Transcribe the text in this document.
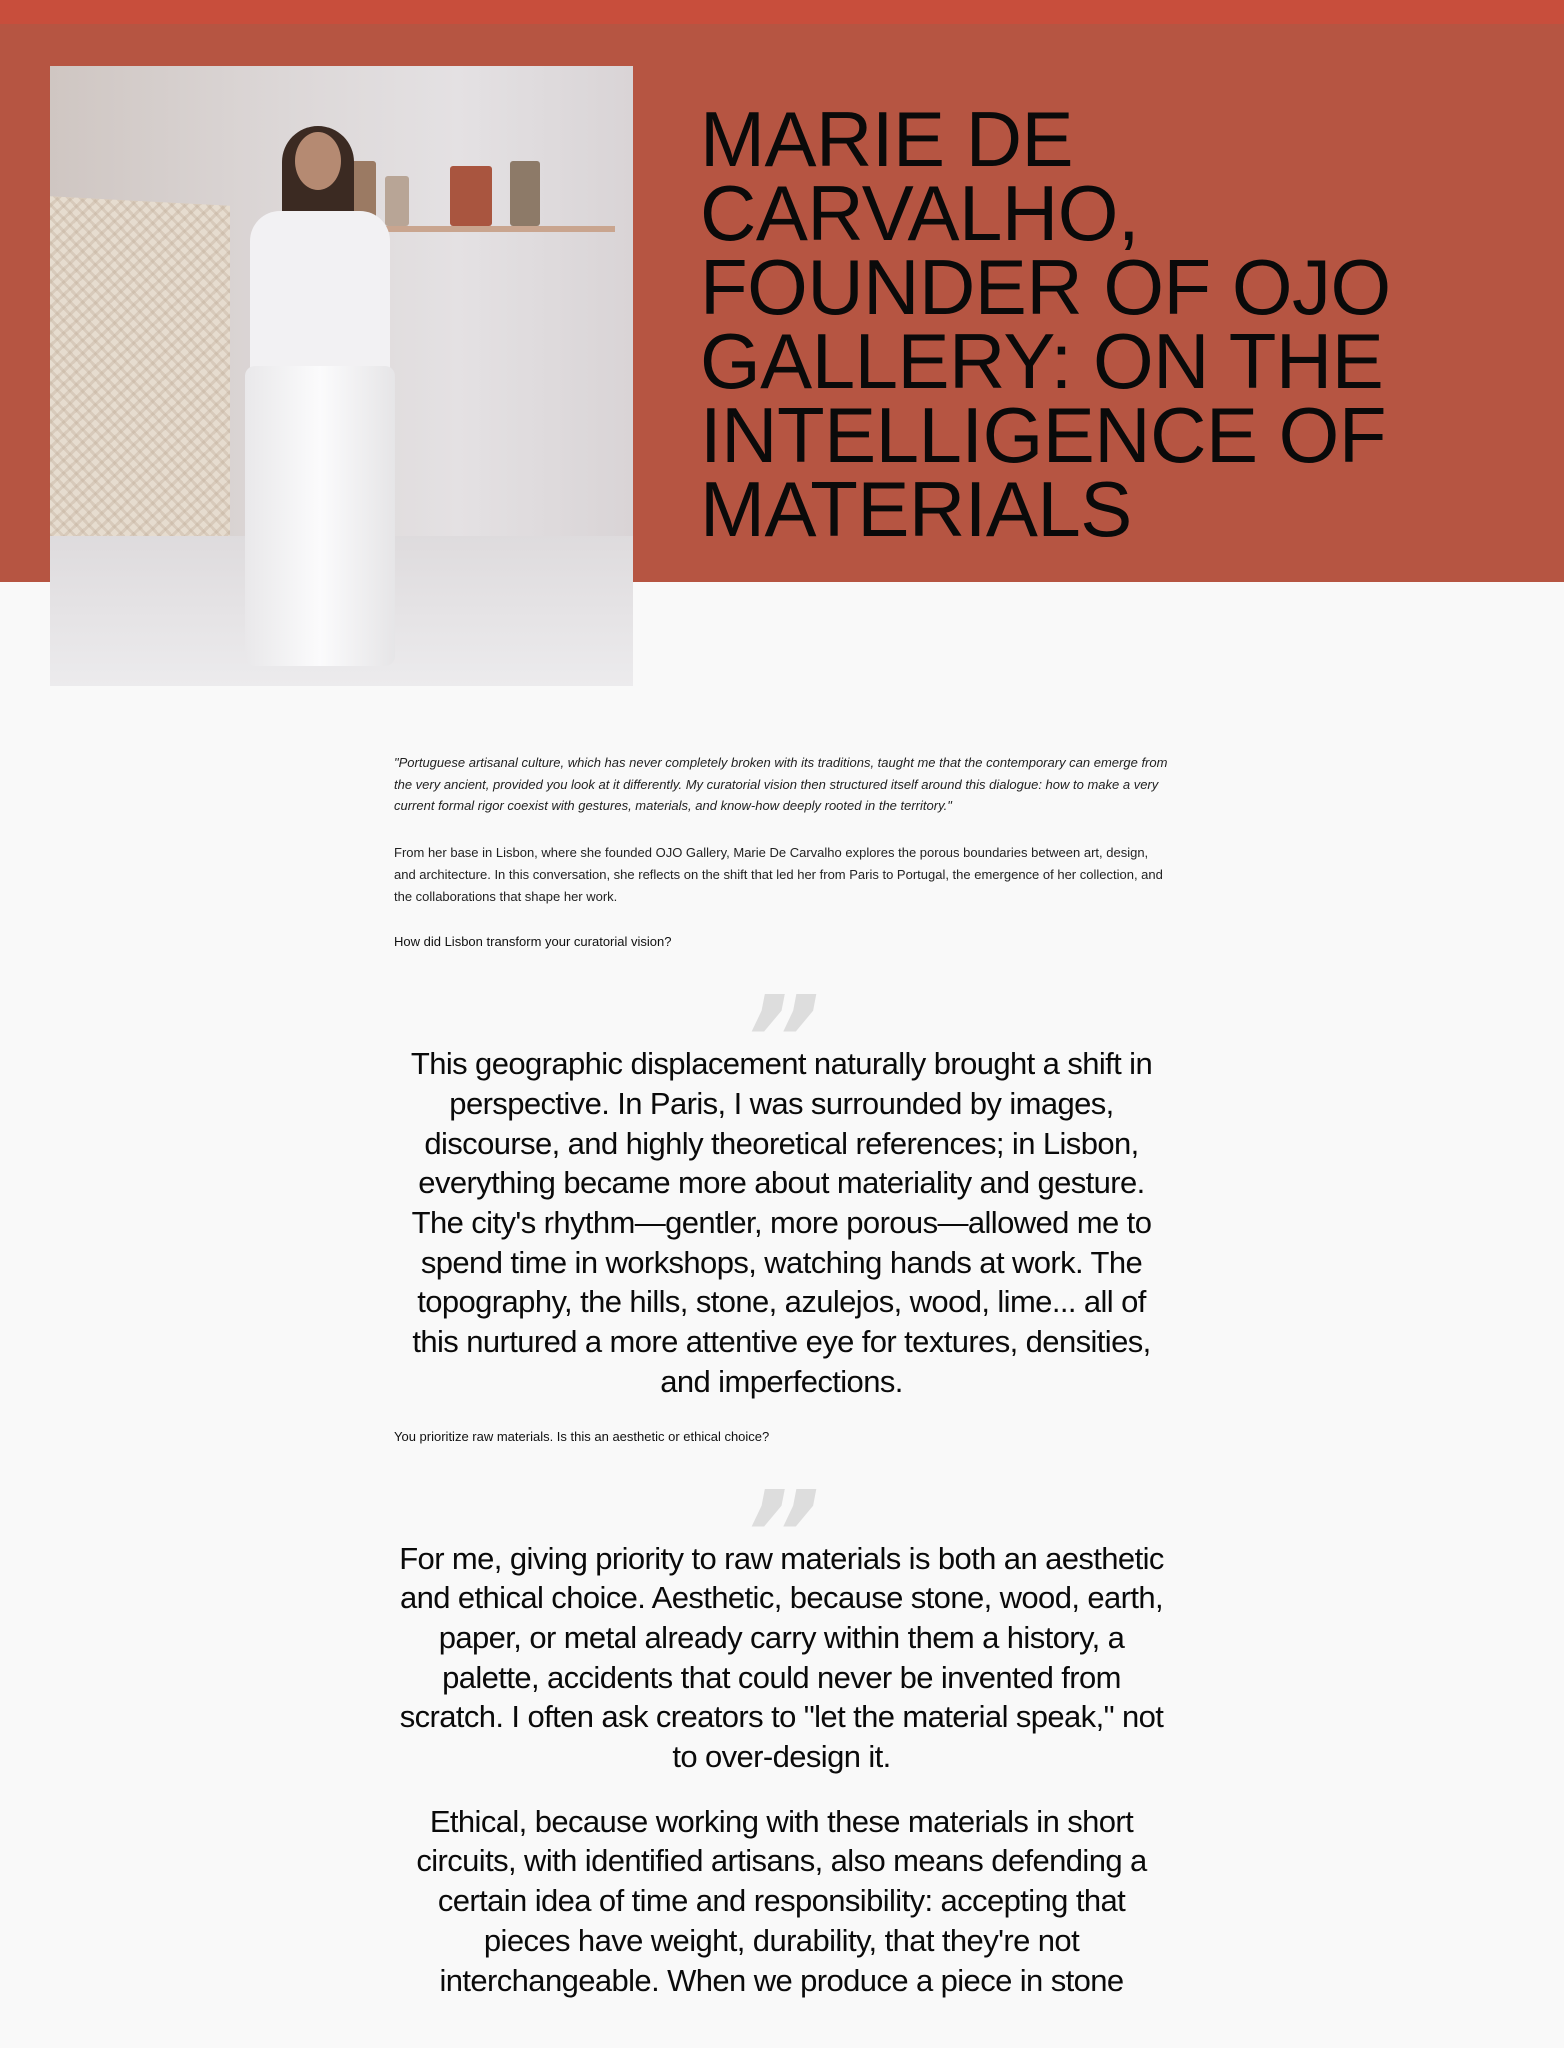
MARIE DE CARVALHO, FOUNDER OF OJO GALLERY: ON THE INTELLIGENCE OF MATERIALS

"Portuguese artisanal culture, which has never completely broken with its traditions, taught me that the contemporary can emerge from the very ancient, provided you look at it differently. My curatorial vision then structured itself around this dialogue: how to make a very current formal rigor coexist with gestures, materials, and know-how deeply rooted in the territory."

From her base in Lisbon, where she founded OJO Gallery, Marie De Carvalho explores the porous boundaries between art, design, and architecture. In this conversation, she reflects on the shift that led her from Paris to Portugal, the emergence of her collection, and the collaborations that shape her work.

How did Lisbon transform your curatorial vision?

”

This geographic displacement naturally brought a shift in perspective. In Paris, I was surrounded by images, discourse, and highly theoretical references; in Lisbon, everything became more about materiality and gesture. The city's rhythm—gentler, more porous—allowed me to spend time in workshops, watching hands at work. The topography, the hills, stone, azulejos, wood, lime... all of this nurtured a more attentive eye for textures, densities, and imperfections.

You prioritize raw materials. Is this an aesthetic or ethical choice?

”

For me, giving priority to raw materials is both an aesthetic and ethical choice. Aesthetic, because stone, wood, earth, paper, or metal already carry within them a history, a palette, accidents that could never be invented from scratch. I often ask creators to "let the material speak," not to over-design it.

Ethical, because working with these materials in short circuits, with identified artisans, also means defending a certain idea of time and responsibility: accepting that pieces have weight, durability, that they're not interchangeable. When we produce a piece in stone
